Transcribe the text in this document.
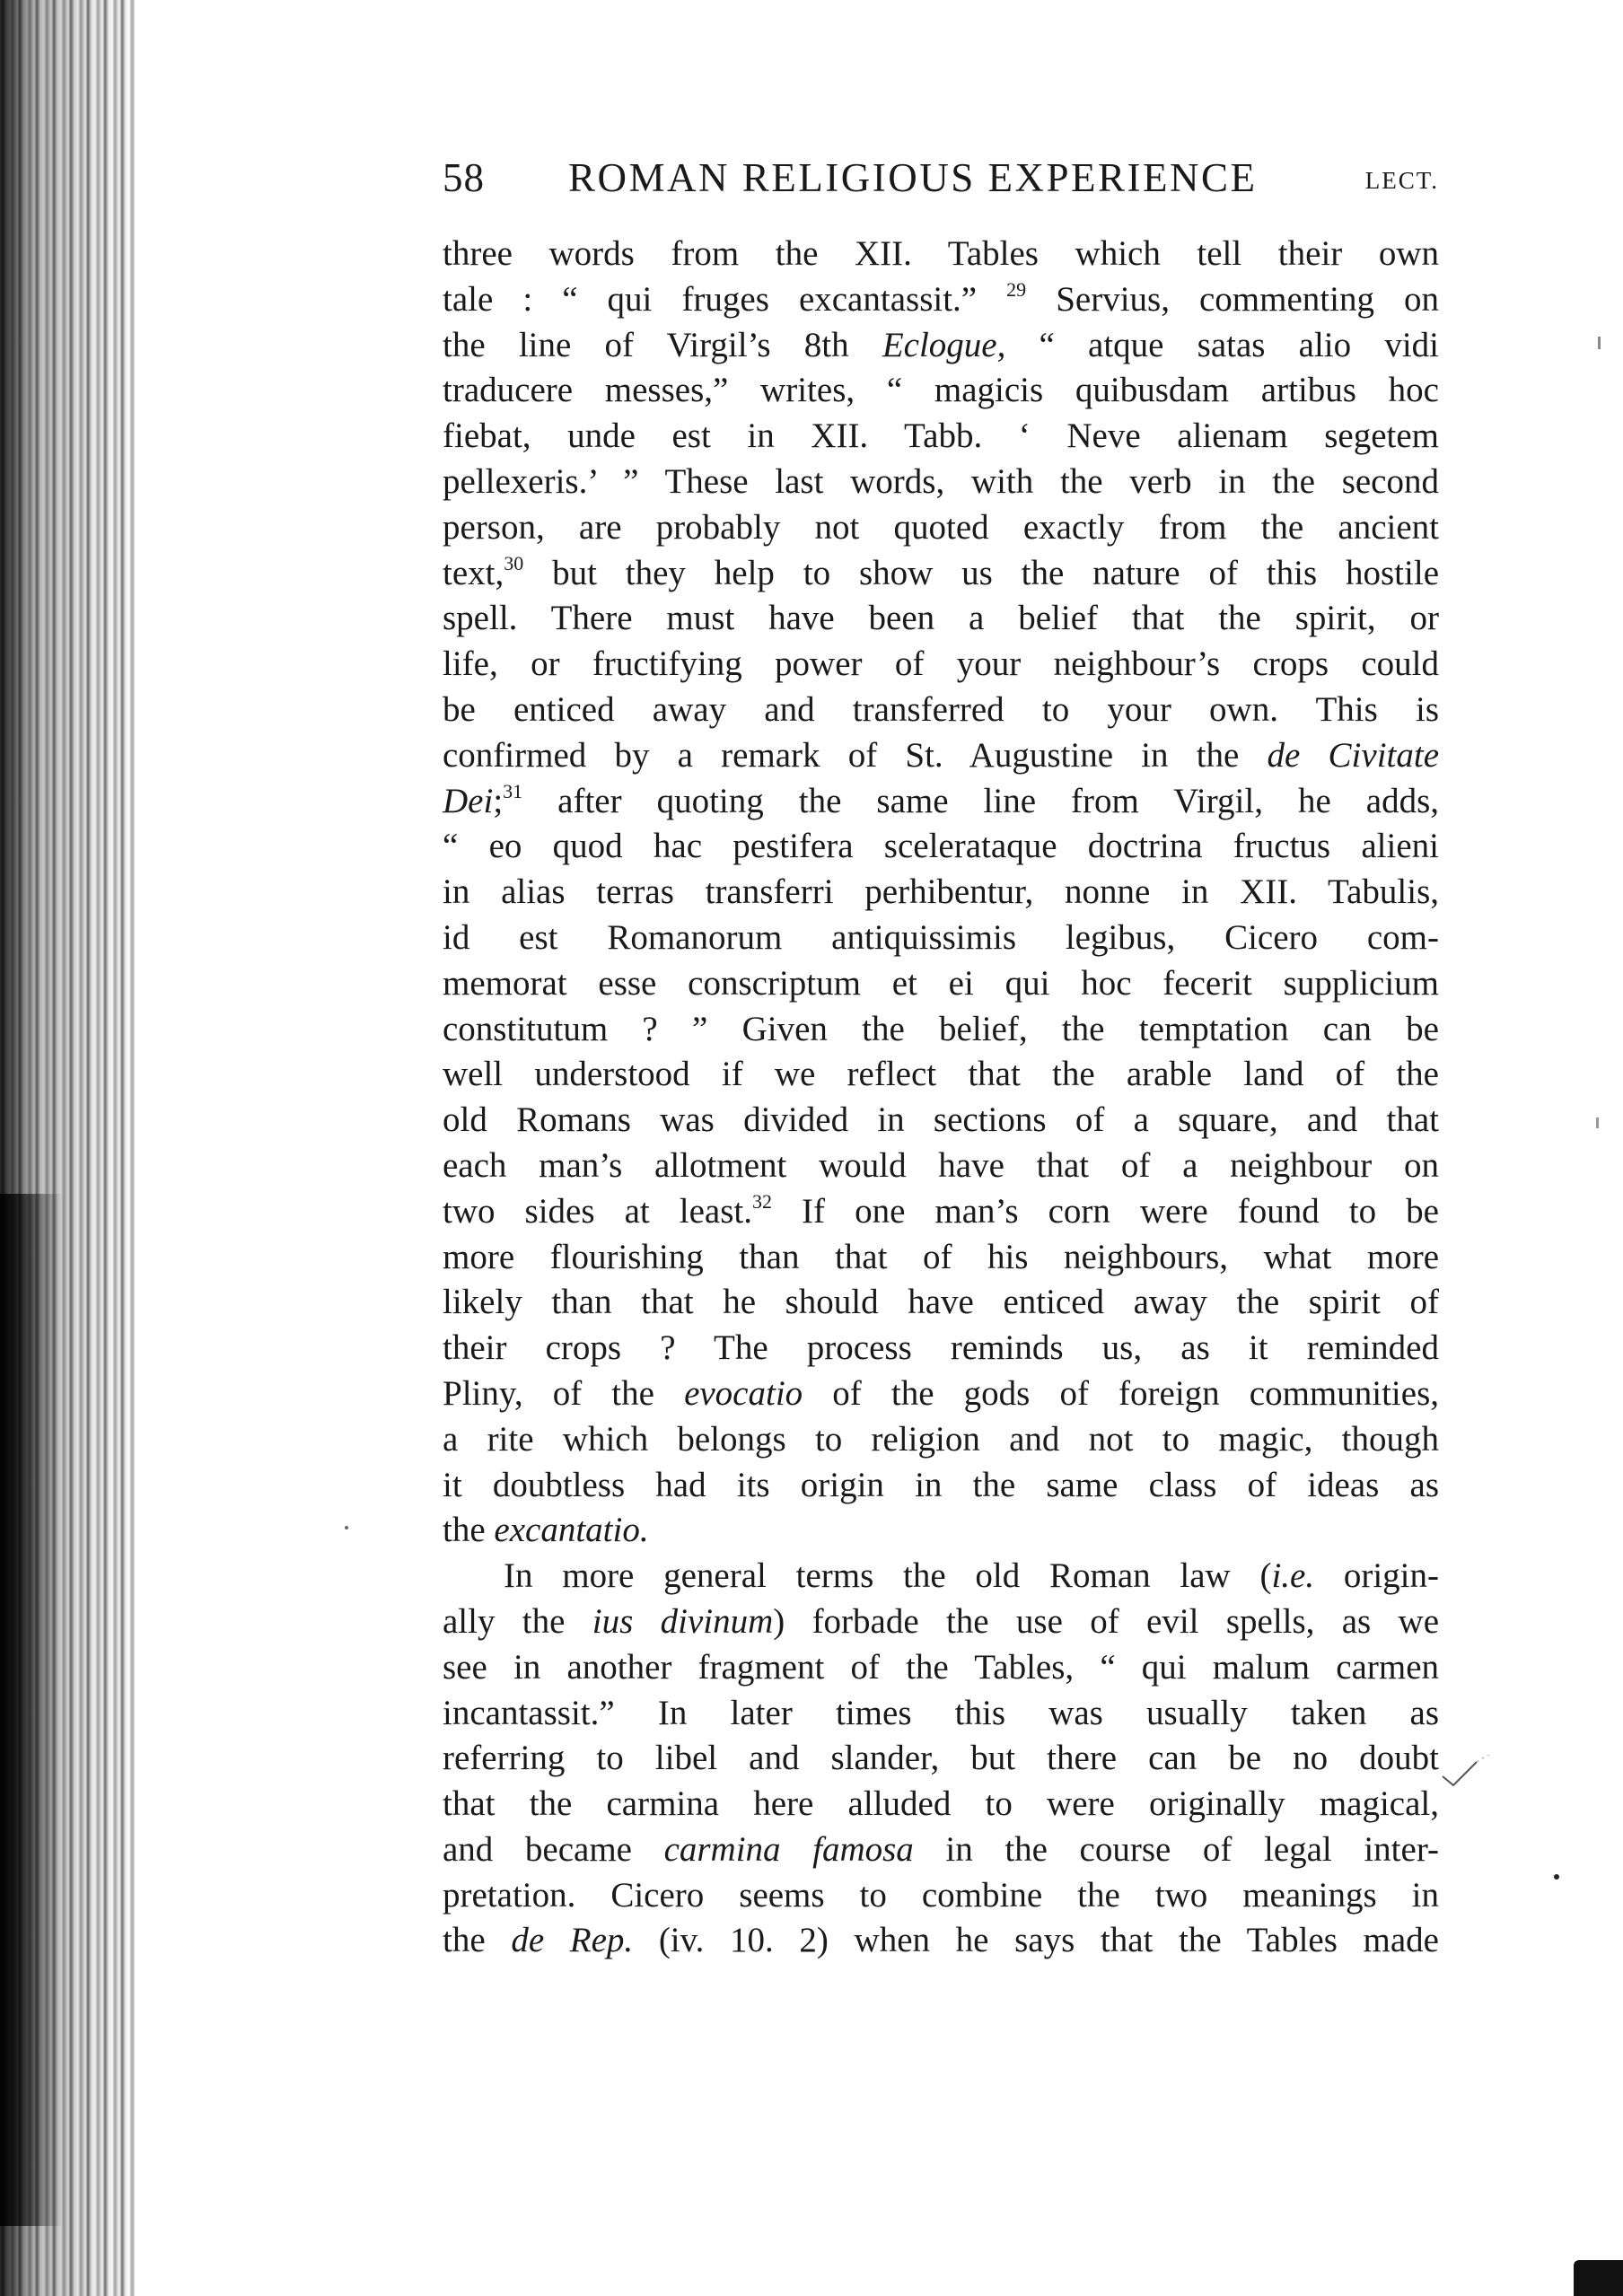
58 ROMAN RELIGIOUS EXPERIENCE	LECT.
three words from the XII. Tables which tell their own
tale : “ qui fruges excantassit.” $^{29}$ Servius, commenting on
the line of Virgil’s 8th Eclogue, “ atque satas alio vidi
traducere messes,” writes, “ magicis quibusdam artibus hoc
fiebat, unde est in XII. Tabb. ‘ Neve alienam segetem
pellexeris.’ ” These last words, with the verb in the second
person, are probably not quoted exactly from the ancient
text,$^{30}$ but they help to show us the nature of this hostile
spell. There must have been a belief that the spirit, or
life, or fructifying power of your neighbour’s crops could
be enticed away and transferred to your own. This is
confirmed by a remark of St. Augustine in the de Civitate
Dei;$^{31}$ after quoting the same line from Virgil, he adds,
“ eo quod hac pestifera scelerataque doctrina fructus alieni
in alias terras transferri perhibentur, nonne in XII. Tabulis,
id est Romanorum antiquissimis legibus, Cicero com-
memorat esse conscriptum et ei qui hoc fecerit supplicium
constitutum ? ” Given the belief, the temptation can be
well understood if we reflect that the arable land of the
old Romans was divided in sections of a square, and that
each man’s allotment would have that of a neighbour on
two sides at least.$^{32}$ If one man’s corn were found to be
more flourishing than that of his neighbours, what more
likely than that he should have enticed away the spirit of
their crops ? The process reminds us, as it reminded
Pliny, of the evocatio of the gods of foreign communities,
a rite which belongs to religion and not to magic, though
it doubtless had its origin in the same class of ideas as
the excantatio.
In more general terms the old Roman law (i.e. origin-
ally the ius divinum) forbade the use of evil spells, as we
see in another fragment of the Tables, “ qui malum carmen
incantassit.” In later times this was usually taken as
referring to libel and slander, but there can be no doubt
that the carmina here alluded to were originally magical,
and became carmina famosa in the course of legal inter-
pretation. Cicero seems to combine the two meanings in
the de Rep. (iv. 10. 2) when he says that the Tables made
